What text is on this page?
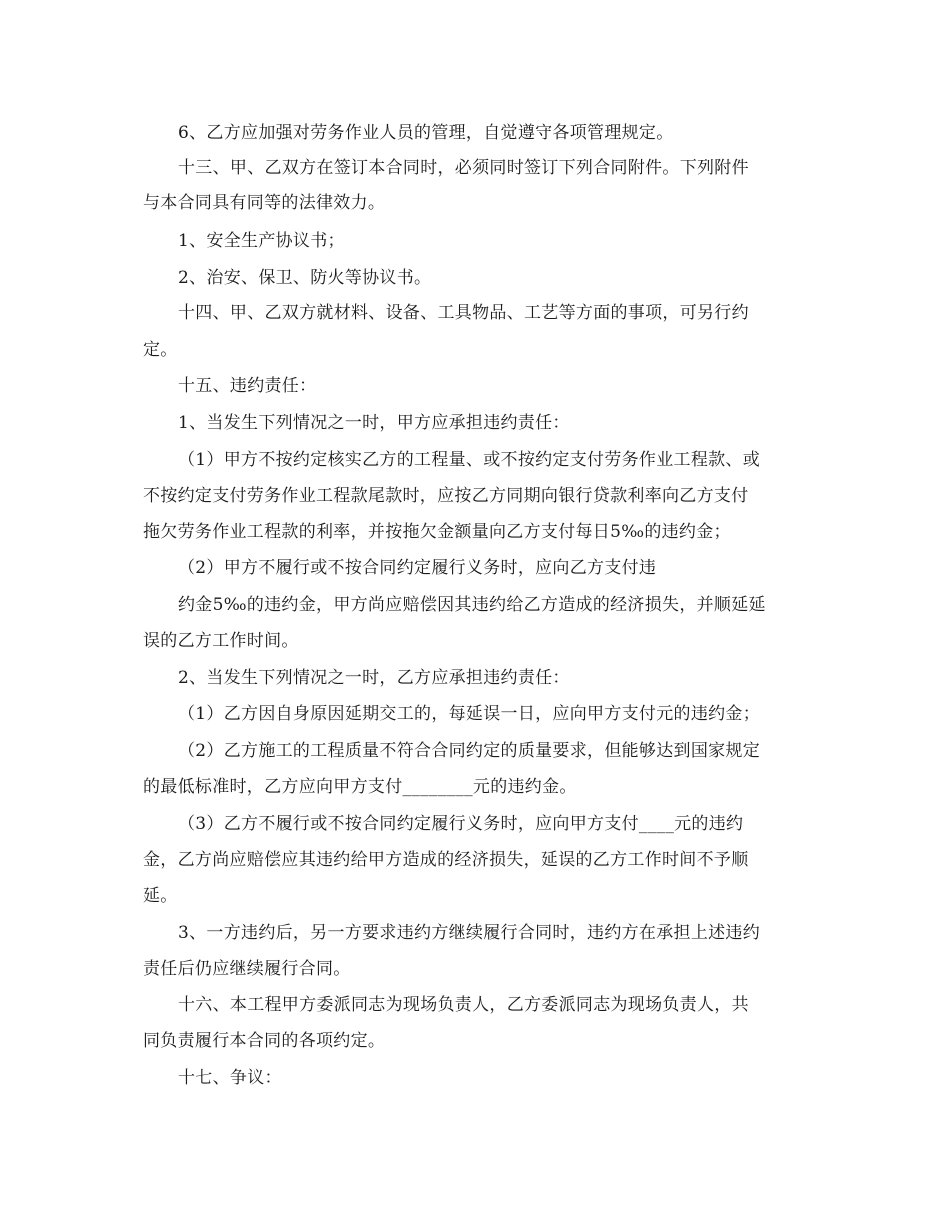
6、乙方应加强对劳务作业人员的管理，自觉遵守各项管理规定。
十三、甲、乙双方在签订本合同时，必须同时签订下列合同附件。下列附件
与本合同具有同等的法律效力。
1、安全生产协议书；
2、治安、保卫、防火等协议书。
十四、甲、乙双方就材料、设备、工具物品、工艺等方面的事项，可另行约
定。
十五、违约责任：
1、当发生下列情况之一时，甲方应承担违约责任：
（1）甲方不按约定核实乙方的工程量、或不按约定支付劳务作业工程款、或
不按约定支付劳务作业工程款尾款时，应按乙方同期向银行贷款利率向乙方支付
拖欠劳务作业工程款的利率，并按拖欠金额量向乙方支付每日5‰的违约金；
（2）甲方不履行或不按合同约定履行义务时，应向乙方支付违
约金5‰的违约金，甲方尚应赔偿因其违约给乙方造成的经济损失，并顺延延
误的乙方工作时间。
2、当发生下列情况之一时，乙方应承担违约责任：
（1）乙方因自身原因延期交工的，每延误一日，应向甲方支付元的违约金；
（2）乙方施工的工程质量不符合合同约定的质量要求，但能够达到国家规定
的最低标准时，乙方应向甲方支付________元的违约金。
（3）乙方不履行或不按合同约定履行义务时，应向甲方支付____元的违约
金，乙方尚应赔偿应其违约给甲方造成的经济损失，延误的乙方工作时间不予顺
延。
3、一方违约后，另一方要求违约方继续履行合同时，违约方在承担上述违约
责任后仍应继续履行合同。
十六、本工程甲方委派同志为现场负责人，乙方委派同志为现场负责人，共
同负责履行本合同的各项约定。
十七、争议：
